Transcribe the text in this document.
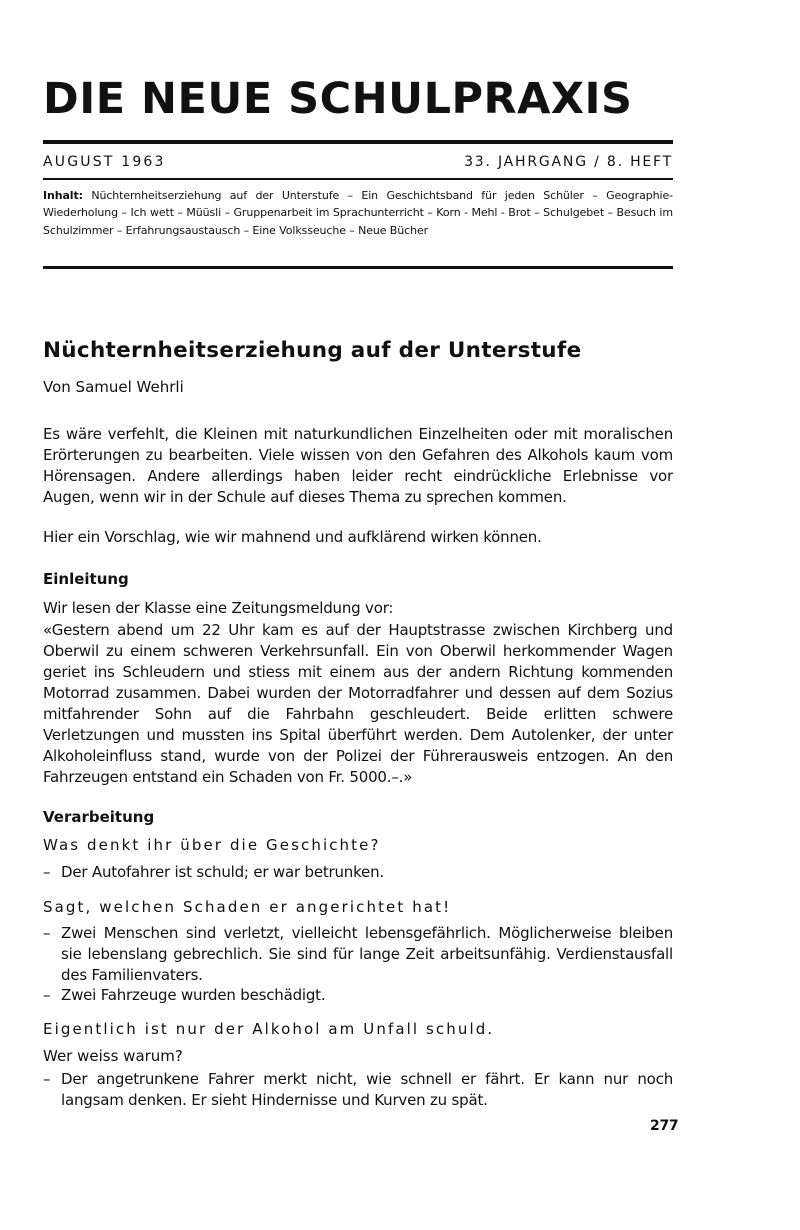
DIE NEUE SCHULPRAXIS
AUGUST 1963	33. JAHRGANG / 8. HEFT
Inhalt: Nüchternheitserziehung auf der Unterstufe – Ein Geschichtsband für jeden Schüler – Geographie-Wiederholung – Ich wett – Müüsli – Gruppenarbeit im Sprachunterricht – Korn - Mehl - Brot – Schulgebet – Besuch im Schulzimmer – Erfahrungsaustausch – Eine Volksseuche – Neue Bücher
Nüchternheitserziehung auf der Unterstufe
Von Samuel Wehrli

Es wäre verfehlt, die Kleinen mit naturkundlichen Einzelheiten oder mit moralischen Erörterungen zu bearbeiten. Viele wissen von den Gefahren des Alkohols kaum vom Hörensagen. Andere allerdings haben leider recht eindrückliche Erlebnisse vor Augen, wenn wir in der Schule auf dieses Thema zu sprechen kommen.

Hier ein Vorschlag, wie wir mahnend und aufklärend wirken können.

Einleitung

Wir lesen der Klasse eine Zeitungsmeldung vor:

«Gestern abend um 22 Uhr kam es auf der Hauptstrasse zwischen Kirchberg und Oberwil zu einem schweren Verkehrsunfall. Ein von Oberwil herkommender Wagen geriet ins Schleudern und stiess mit einem aus der andern Richtung kommenden Motorrad zusammen. Dabei wurden der Motorradfahrer und dessen auf dem Sozius mitfahrender Sohn auf die Fahrbahn geschleudert. Beide erlitten schwere Verletzungen und mussten ins Spital überführt werden. Dem Autolenker, der unter Alkoholeinfluss stand, wurde von der Polizei der Führerausweis entzogen. An den Fahrzeugen entstand ein Schaden von Fr. 5000.–.»

Verarbeitung
Was denkt ihr über die Geschichte?
– Der Autofahrer ist schuld; er war betrunken.
Sagt, welchen Schaden er angerichtet hat!
– Zwei Menschen sind verletzt, vielleicht lebensgefährlich. Möglicherweise bleiben sie lebenslang gebrechlich. Sie sind für lange Zeit arbeitsunfähig. Verdienstausfall des Familienvaters.
– Zwei Fahrzeuge wurden beschädigt.
Eigentlich ist nur der Alkohol am Unfall schuld.
Wer weiss warum?
– Der angetrunkene Fahrer merkt nicht, wie schnell er fährt. Er kann nur noch langsam denken. Er sieht Hindernisse und Kurven zu spät.
277
